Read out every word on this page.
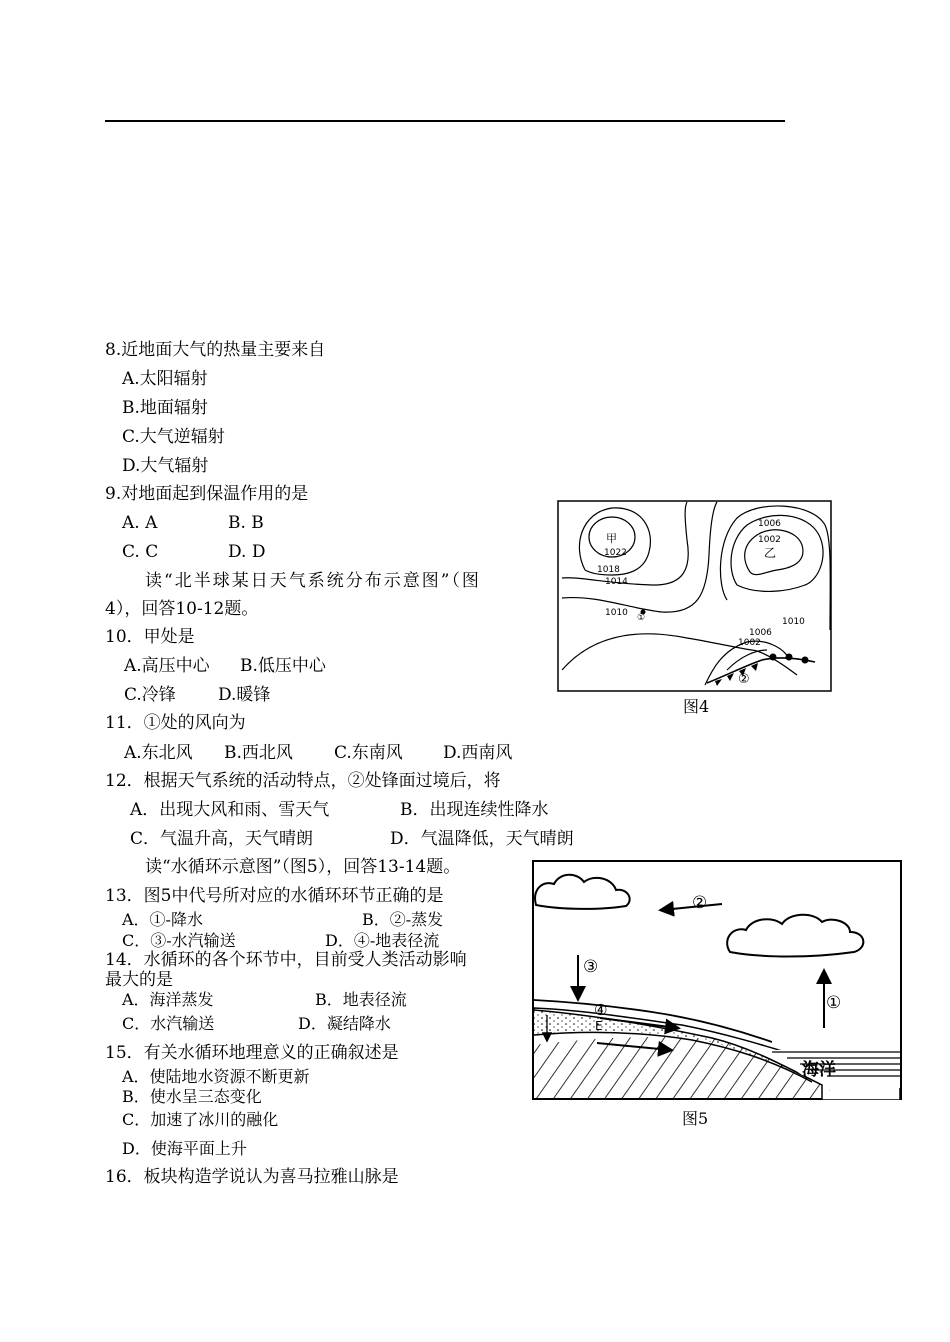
8.近地面大气的热量主要来自
A.太阳辐射
B.地面辐射
C.大气逆辐射
D.大气辐射
9.对地面起到保温作用的是
A. A	B. B
C. C	D. D
读“北半球某日天气系统分布示意图”（图
4），回答10-12题。
10．甲处是
A.高压中心 B.低压中心
C.冷锋 D.暖锋
11．①处的风向为
A.东北风 B.西北风 C.东南风 D.西南风
12．根据天气系统的活动特点，②处锋面过境后，将
A．出现大风和雨、雪天气	B．出现连续性降水
C．气温升高，天气晴朗	D．气温降低，天气晴朗
读“水循环示意图”（图5），回答13-14题。
13．图5中代号所对应的水循环环节正确的是
A．①-降水	B．②-蒸发
C．③-水汽输送	D．④-地表径流
14．水循环的各个环节中，目前受人类活动影响
最大的是
A．海洋蒸发	B．地表径流
C．水汽输送	D．凝结降水
15．有关水循环地理意义的正确叙述是
A．使陆地水资源不断更新
B．使水呈三态变化
C．加速了冰川的融化
D．使海平面上升
16．板块构造学说认为喜马拉雅山脉是
甲
1022
1018
1014
1010 ①
1006
1002
乙
1010
1006
1002
②
图4
②
①
③
④
E
海洋
图5
